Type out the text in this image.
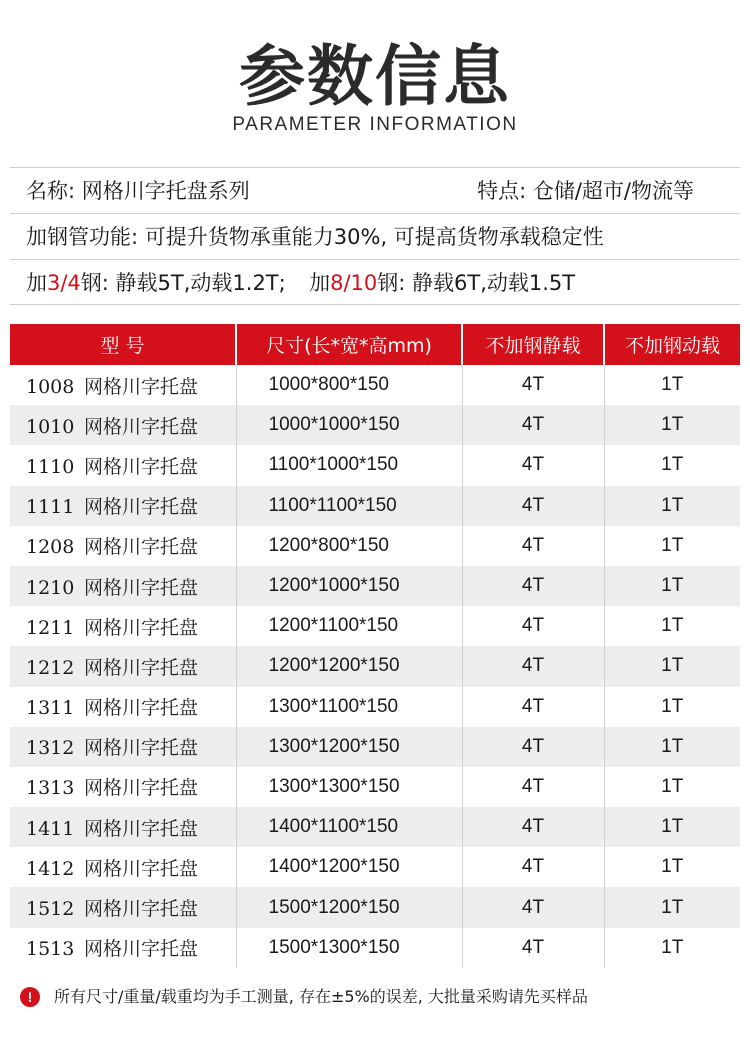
参数信息
PARAMETER INFORMATION
名称: 网格川字托盘系列	特点: 仓储/超市/物流等
加钢管功能: 可提升货物承重能力30%, 可提高货物承载稳定性
加3/4钢: 静载5T,动载1.2T; 加8/10钢: 静载6T,动载1.5T
型 号	尺寸(长*宽*高mm)	不加钢静载	不加钢动载
1008 网格川字托盘	1000*800*150	4T	1T
1010 网格川字托盘	1000*1000*150	4T	1T
1110 网格川字托盘	1100*1000*150	4T	1T
1111 网格川字托盘	1100*1100*150	4T	1T
1208 网格川字托盘	1200*800*150	4T	1T
1210 网格川字托盘	1200*1000*150	4T	1T
1211 网格川字托盘	1200*1100*150	4T	1T
1212 网格川字托盘	1200*1200*150	4T	1T
1311 网格川字托盘	1300*1100*150	4T	1T
1312 网格川字托盘	1300*1200*150	4T	1T
1313 网格川字托盘	1300*1300*150	4T	1T
1411 网格川字托盘	1400*1100*150	4T	1T
1412 网格川字托盘	1400*1200*150	4T	1T
1512 网格川字托盘	1500*1200*150	4T	1T
1513 网格川字托盘	1500*1300*150	4T	1T
!	所有尺寸/重量/载重均为手工测量, 存在±5%的误差, 大批量采购请先买样品
